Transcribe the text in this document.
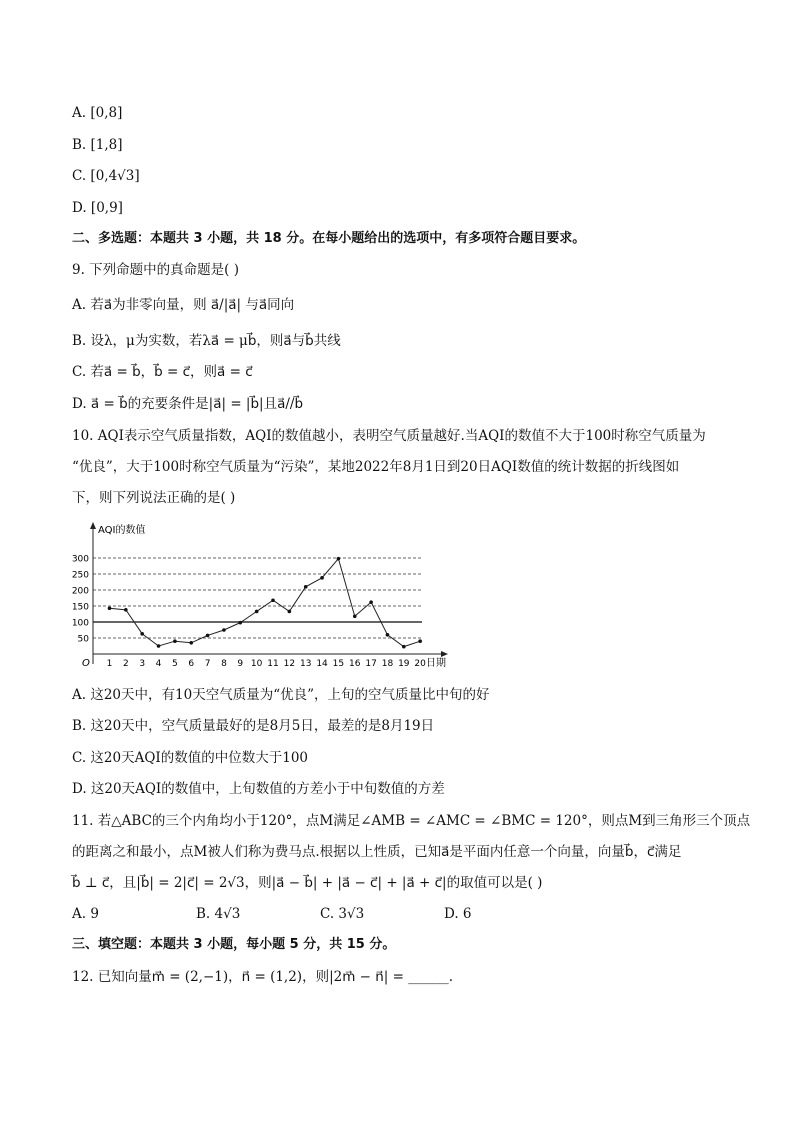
A. [0,8]
B. [1,8]
C. [0,4√3]
D. [0,9]
二、多选题：本题共 3 小题，共 18 分。在每小题给出的选项中，有多项符合题目要求。
9. 下列命题中的真命题是( )
A. 若a⃗为非零向量，则 a⃗/|a⃗| 与a⃗同向
B. 设λ，μ为实数，若λa⃗ = μb⃗，则a⃗与b⃗共线
C. 若a⃗ = b⃗，b⃗ = c⃗，则a⃗ = c⃗
D. a⃗ = b⃗的充要条件是|a⃗| = |b⃗|且a⃗//b⃗
10. AQI表示空气质量指数，AQI的数值越小，表明空气质量越好.当AQI的数值不大于100时称空气质量为
“优良”，大于100时称空气质量为“污染”，某地2022年8月1日到20日AQI数值的统计数据的折线图如
下，则下列说法正确的是( )
AQI的数值
日期
O
50
100
150
200
250
300
1 2 3 4 5 6 7 8 9 10 11 12 13 14 15 16 17 18 19 20
A. 这20天中，有10天空气质量为“优良”，上旬的空气质量比中旬的好
B. 这20天中，空气质量最好的是8月5日，最差的是8月19日
C. 这20天AQI的数值的中位数大于100
D. 这20天AQI的数值中，上旬数值的方差小于中旬数值的方差
11. 若△ABC的三个内角均小于120°，点M满足∠AMB = ∠AMC = ∠BMC = 120°，则点M到三角形三个顶点
的距离之和最小，点M被人们称为费马点.根据以上性质，已知a⃗是平面内任意一个向量，向量b⃗，c⃗满足
b⃗ ⊥ c⃗，且|b⃗| = 2|c⃗| = 2√3，则|a⃗ − b⃗| + |a⃗ − c⃗| + |a⃗ + c⃗|的取值可以是( )
A. 9	B. 4√3	C. 3√3	D. 6
三、填空题：本题共 3 小题，每小题 5 分，共 15 分。
12. 已知向量m⃗ = (2,−1)，n⃗ = (1,2)，则|2m⃗ − n⃗| = ______.
